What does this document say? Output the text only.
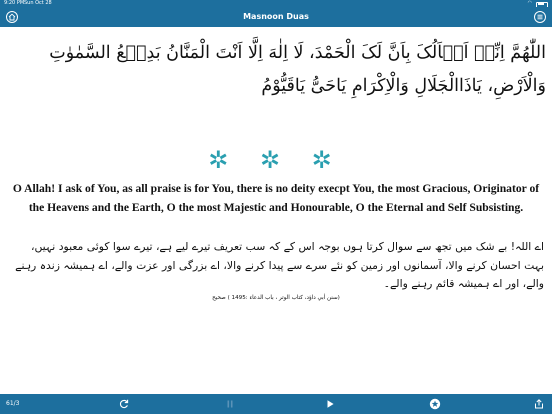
9:20 PM Sun Oct 28	◠
Masnoon Duas
اللّٰهُمَّ اِنِّیۡ اَسۡاَلُکَ بِاَنَّ لَکَ الْحَمْدَ، لَا اِلٰهَ اِلَّا اَنْتَ الْمَنَّانُ بَدِیۡعُ السَّمٰوٰتِ وَالْاَرْضِ، یَاذَاالْجَلَالِ وَالْاِکْرَامِ یَاحَیُّ یَاقَیُّوْمُ
✲ ✲ ✲
O Allah! I ask of You, as all praise is for You, there is no deity execpt You, the most Gracious, Originator of the Heavens and the Earth, O the most Majestic and Honourable, O the Eternal and Self Subsisting.
اے اللہ! بے شک میں تجھ سے سوال کرتا ہوں بوجہ اس کے کہ سب تعریف تیرے لیے ہے، تیرے سوا کوئی معبود نہیں، بہت احسان کرنے والا، آسمانوں اور زمین کو نئے سرے سے پیدا کرنے والا، اے بزرگی اور عزت والے، اے ہمیشہ زندہ رہنے والے، اور اے ہمیشہ قائم رہنے والے۔
(سنن أبي داؤد، كتاب الوتر ، باب الدعاء :1495 ) صحيح
61/3
